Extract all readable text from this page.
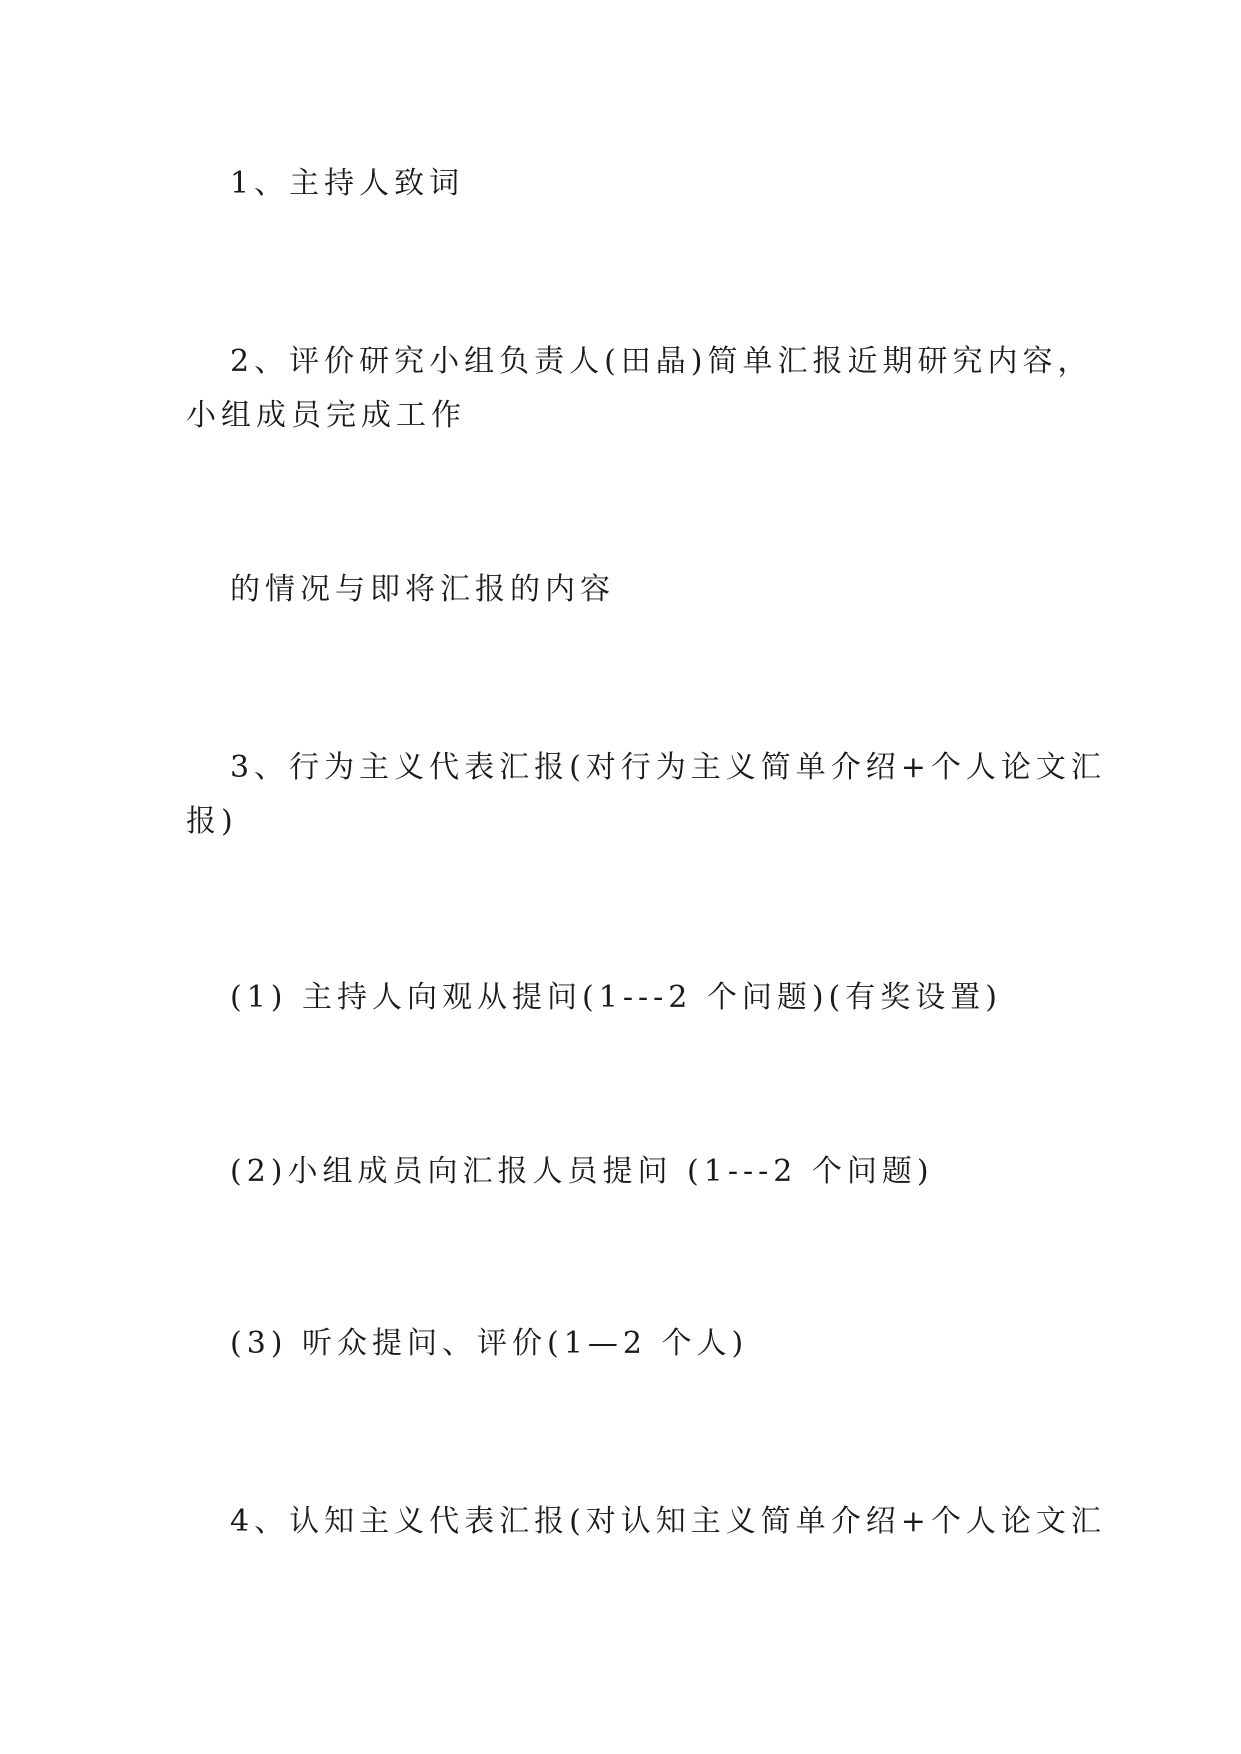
1、主持人致词

2、评价研究小组负责人(田晶)简单汇报近期研究内容，

小组成员完成工作

的情况与即将汇报的内容

3、行为主义代表汇报(对行为主义简单介绍+个人论文汇

报)

(1) 主持人向观从提问(1---2 个问题)(有奖设置)

(2)小组成员向汇报人员提问 (1---2 个问题)

(3) 听众提问、评价(1—2 个人)

4、认知主义代表汇报(对认知主义简单介绍+个人论文汇
